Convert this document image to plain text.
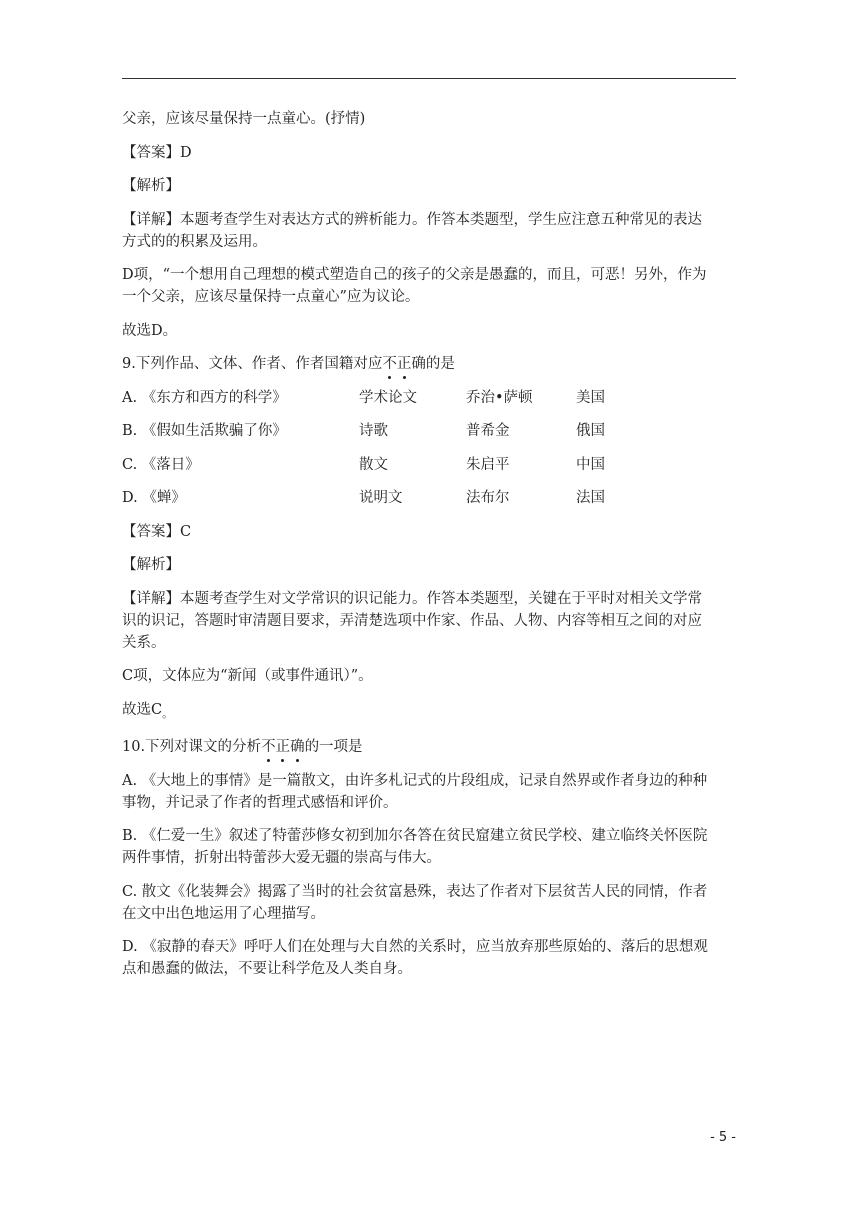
父亲，应该尽量保持一点童心。(抒情)

【答案】D

【解析】

【详解】本题考查学生对表达方式的辨析能力。作答本类题型，学生应注意五种常见的表达

方式的的积累及运用。

D项，“一个想用自己理想的模式塑造自己的孩子的父亲是愚蠢的，而且，可恶！另外，作为

一个父亲，应该尽量保持一点童心”应为议论。

故选D。

9.下列作品、文体、作者、作者国籍对应不正确的是

A. 《东方和西方的科学》	学术论文	乔治•萨顿	美国
B. 《假如生活欺骗了你》	诗歌	普希金	俄国
C. 《落日》	散文	朱启平	中国
D. 《蝉》	说明文	法布尔	法国

【答案】C

【解析】

【详解】本题考查学生对文学常识的识记能力。作答本类题型，关键在于平时对相关文学常

识的识记，答题时审清题目要求，弄清楚选项中作家、作品、人物、内容等相互之间的对应

关系。

C项，文体应为“新闻（或事件通讯）”。

故选$C_。$

10.下列对课文的分析不正确的一项是

A. 《大地上的事情》是一篇散文，由许多札记式的片段组成，记录自然界或作者身边的种种

事物，并记录了作者的哲理式感悟和评价。

B. 《仁爱一生》叙述了特蕾莎修女初到加尔各答在贫民窟建立贫民学校、建立临终关怀医院

两件事情，折射出特蕾莎大爱无疆的崇高与伟大。

C. 散文《化装舞会》揭露了当时的社会贫富悬殊，表达了作者对下层贫苦人民的同情，作者

在文中出色地运用了心理描写。

D. 《寂静的春天》呼吁人们在处理与大自然的关系时，应当放弃那些原始的、落后的思想观

点和愚蠢的做法，不要让科学危及人类自身。

- 5 -
